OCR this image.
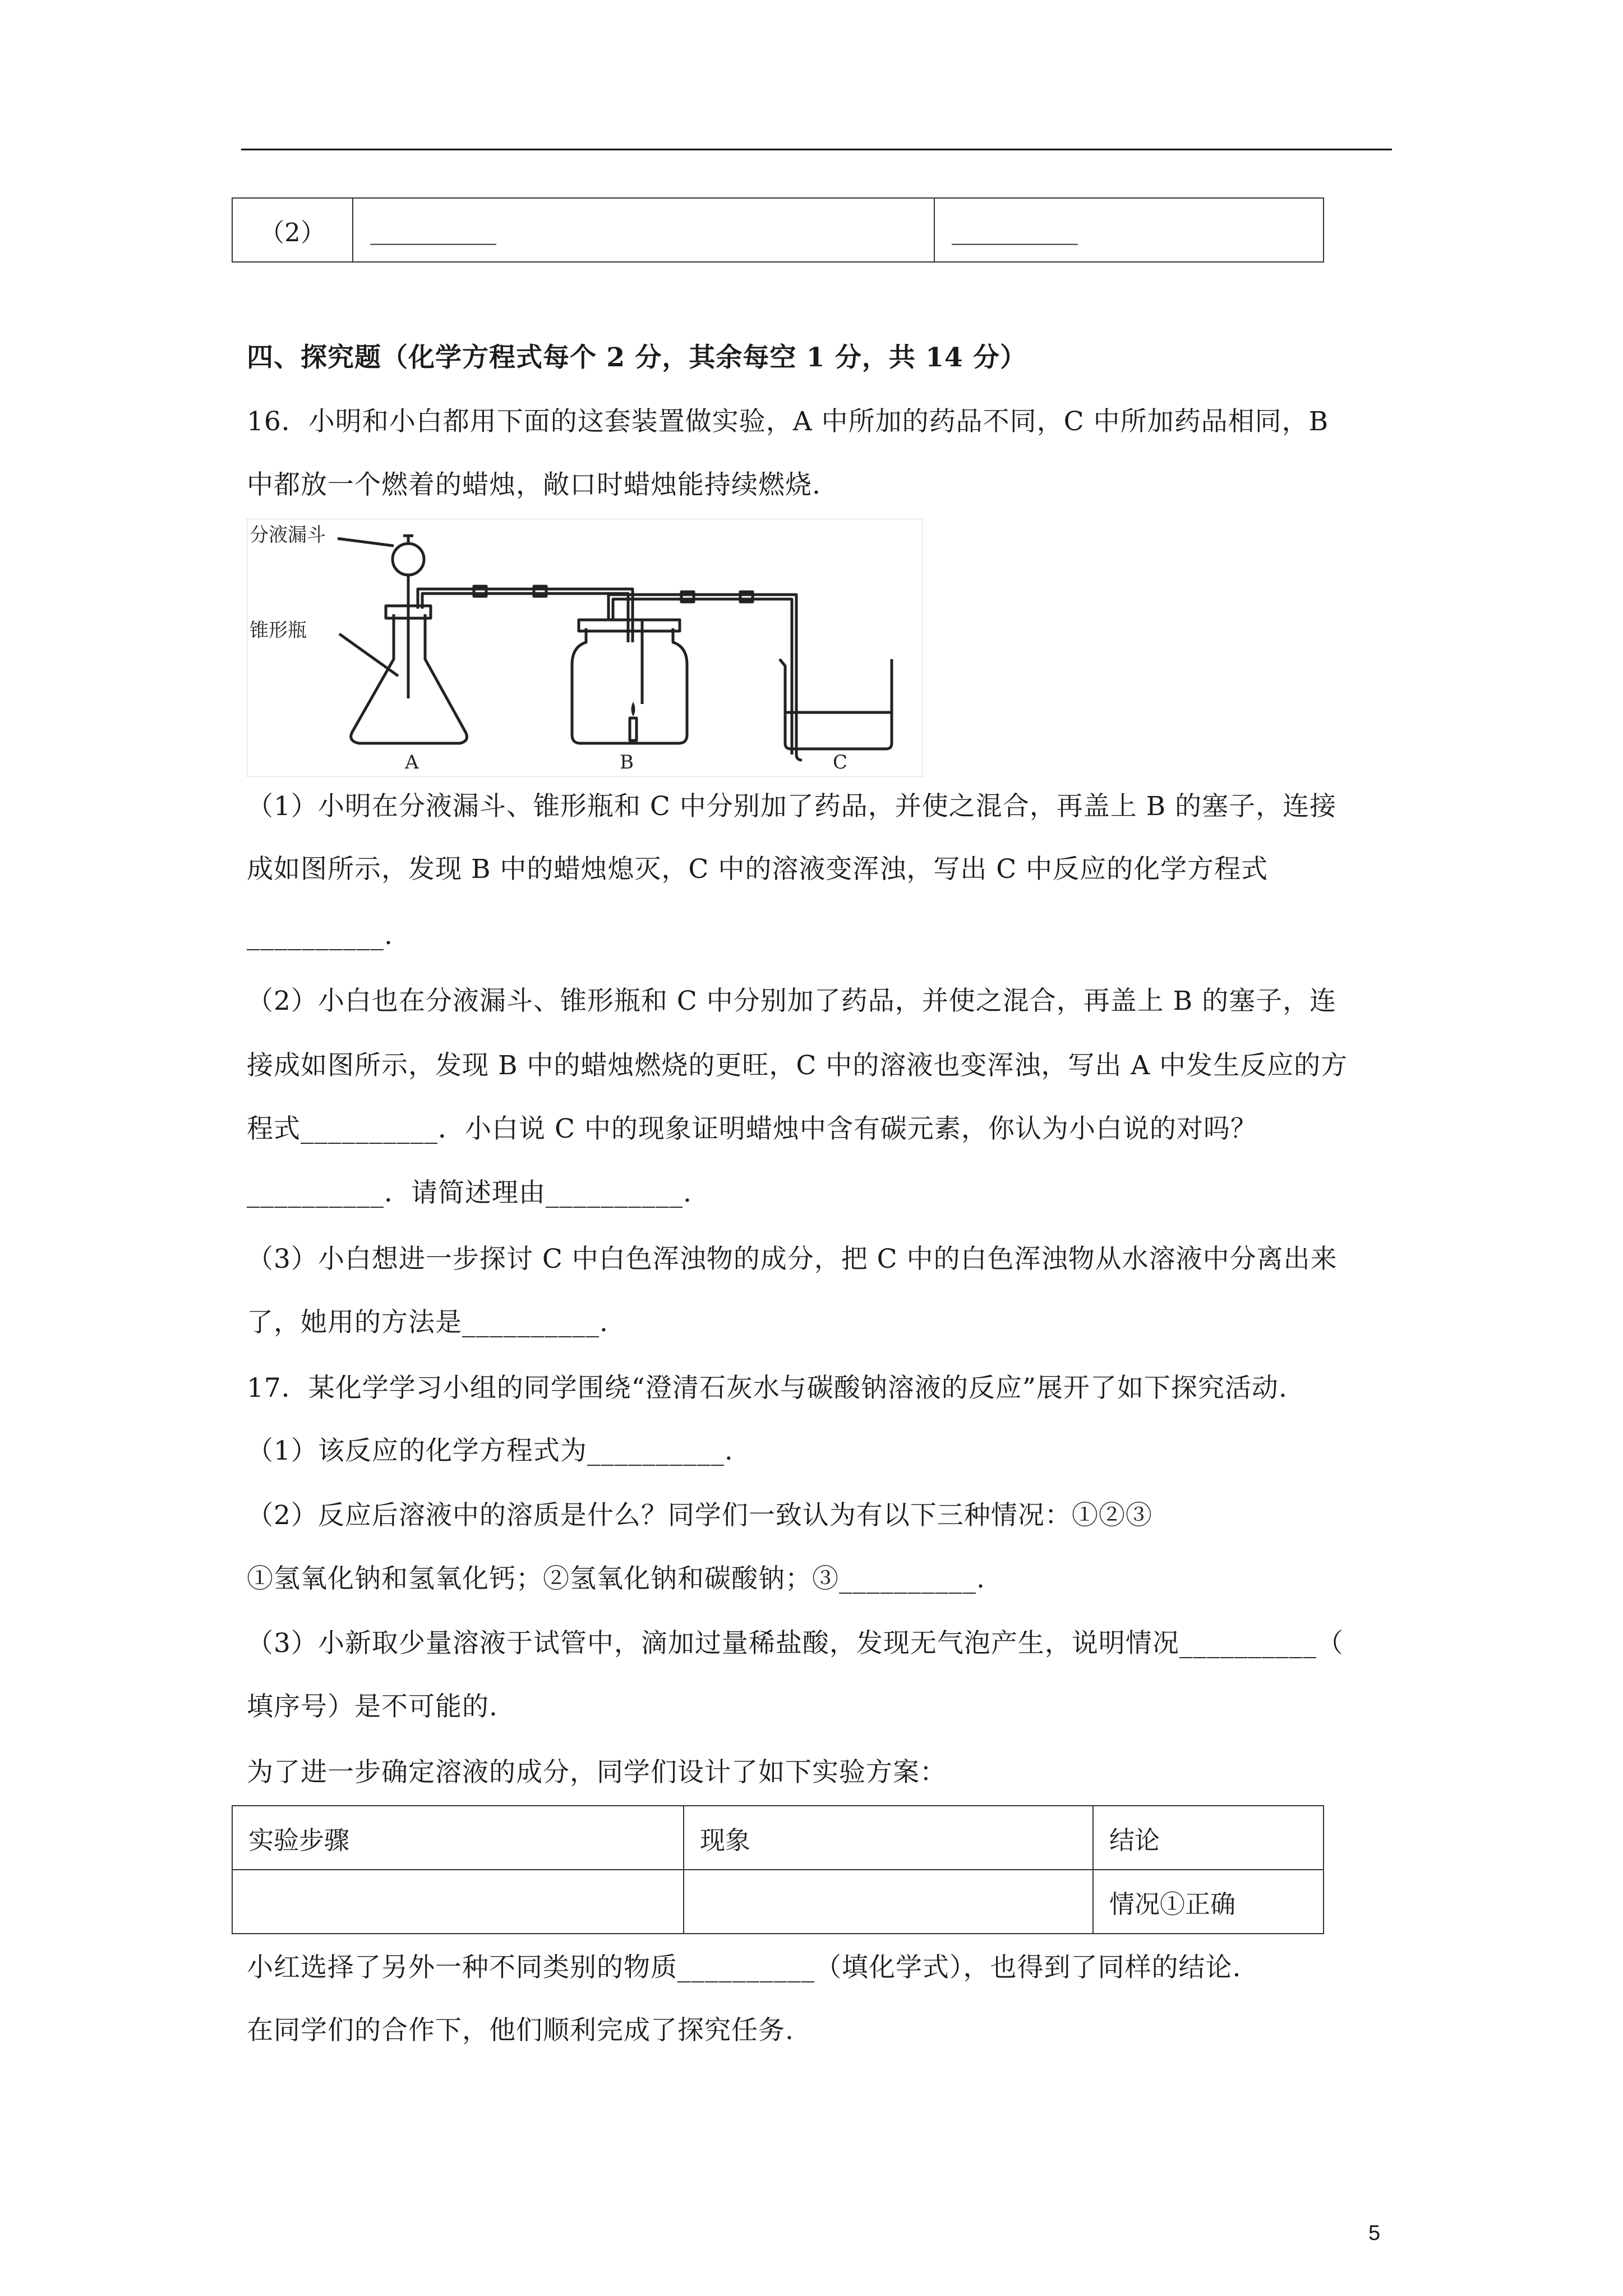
（2）	__________	__________
四、探究题（化学方程式每个 2 分，其余每空 1 分，共 14 分）
16．小明和小白都用下面的这套装置做实验，A 中所加的药品不同，C 中所加药品相同，B
中都放一个燃着的蜡烛，敞口时蜡烛能持续燃烧.
分液漏斗
锥形瓶
A	B	C
（1）小明在分液漏斗、锥形瓶和 C 中分别加了药品，并使之混合，再盖上 B 的塞子，连接
成如图所示，发现 B 中的蜡烛熄灭，C 中的溶液变浑浊，写出 C 中反应的化学方程式
__________.
（2）小白也在分液漏斗、锥形瓶和 C 中分别加了药品，并使之混合，再盖上 B 的塞子，连
接成如图所示，发现 B 中的蜡烛燃烧的更旺，C 中的溶液也变浑浊，写出 A 中发生反应的方
程式__________．小白说 C 中的现象证明蜡烛中含有碳元素，你认为小白说的对吗？
__________．请简述理由__________.
（3）小白想进一步探讨 C 中白色浑浊物的成分，把 C 中的白色浑浊物从水溶液中分离出来
了，她用的方法是__________.
17．某化学学习小组的同学围绕“澄清石灰水与碳酸钠溶液的反应”展开了如下探究活动.
（1）该反应的化学方程式为__________.
（2）反应后溶液中的溶质是什么？同学们一致认为有以下三种情况：①②③
①氢氧化钠和氢氧化钙；②氢氧化钠和碳酸钠；③__________.
（3）小新取少量溶液于试管中，滴加过量稀盐酸，发现无气泡产生，说明情况__________（
填序号）是不可能的.
为了进一步确定溶液的成分，同学们设计了如下实验方案：
实验步骤	现象	结论
		情况①正确
小红选择了另外一种不同类别的物质__________（填化学式），也得到了同样的结论.
在同学们的合作下，他们顺利完成了探究任务.
5
